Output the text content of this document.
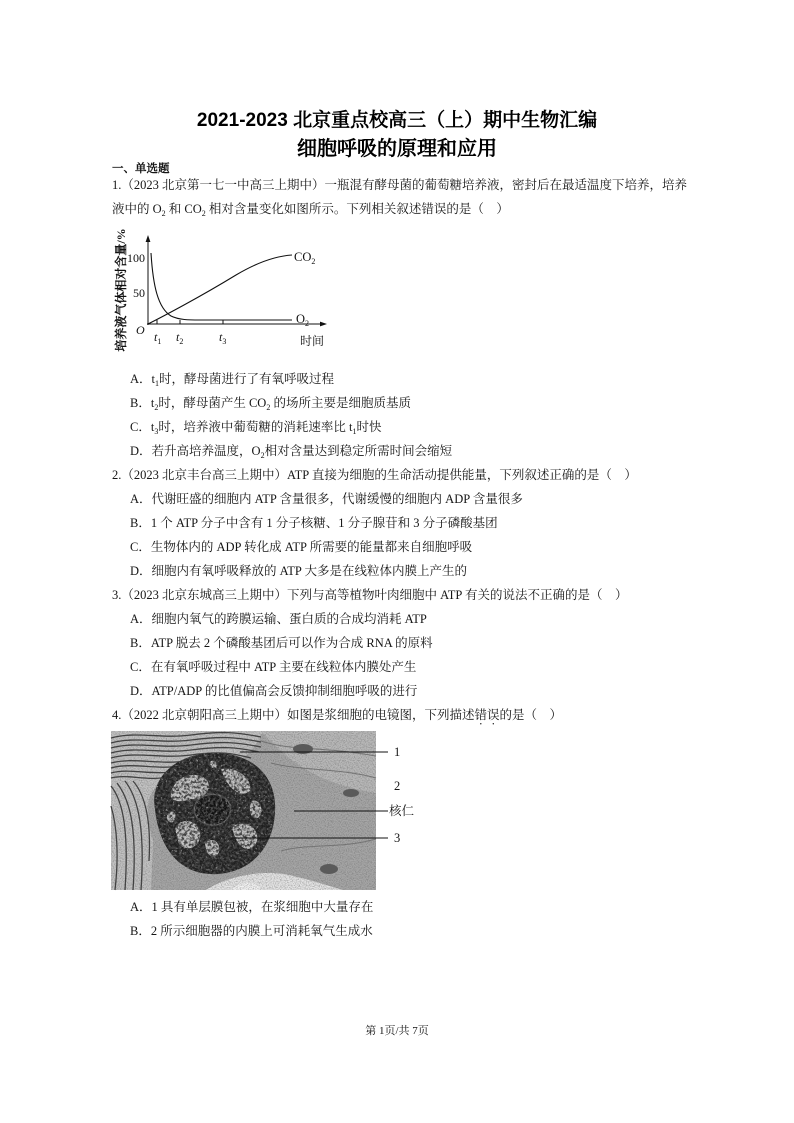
2021-2023 北京重点校高三（上）期中生物汇编
细胞呼吸的原理和应用
一、单选题
1.（2023 北京第一七一中高三上期中）一瓶混有酵母菌的葡萄糖培养液，密封后在最适温度下培养，培养
液中的 O 2 和 CO 2 相对含量变化如图所示。下列相关叙述错误的是（    ）
培养液气体相对含量/% 100
50
O $t_1$ $t_2$	$t_3$	时间
$CO_2$
$O_2$
A． t 1 时，酵母菌进行了有氧呼吸过程
B． t 2 时，酵母菌产生 CO 2 的场所主要是细胞质基质
C． t 3 时，培养液中葡萄糖的消耗速率比 t 1 时快
D． 若升高培养温度，O 2 相对含量达到稳定所需时间会缩短
2.（2023 北京丰台高三上期中）ATP 直接为细胞的生命活动提供能量，下列叙述正确的是（    ）
A． 代谢旺盛的细胞内 ATP 含量很多，代谢缓慢的细胞内 ADP 含量很多
B． 1 个 ATP 分子中含有 1 分子核糖、1 分子腺苷和 3 分子磷酸基团
C． 生物体内的 ADP 转化成 ATP 所需要的能量都来自细胞呼吸
D． 细胞内有氧呼吸释放的 ATP 大多是在线粒体内膜上产生的
3.（2023 北京东城高三上期中）下列与高等植物叶肉细胞中 ATP 有关的说法不正确的是（    ）
A． 细胞内氧气的跨膜运输、蛋白质的合成均消耗 ATP
B． ATP 脱去 2 个磷酸基团后可以作为合成 RNA 的原料
C． 在有氧呼吸过程中 ATP 主要在线粒体内膜处产生
D． ATP/ADP 的比值偏高会反馈抑制细胞呼吸的进行
4.（2022 北京朝阳高三上期中）如图是浆细胞的电镜图，下列描述 错误 的是（    ）
1
2
核仁
3
A． 1 具有单层膜包被，在浆细胞中大量存在
B． 2 所示细胞器的内膜上可消耗氧气生成水
第 1页/共 7页
